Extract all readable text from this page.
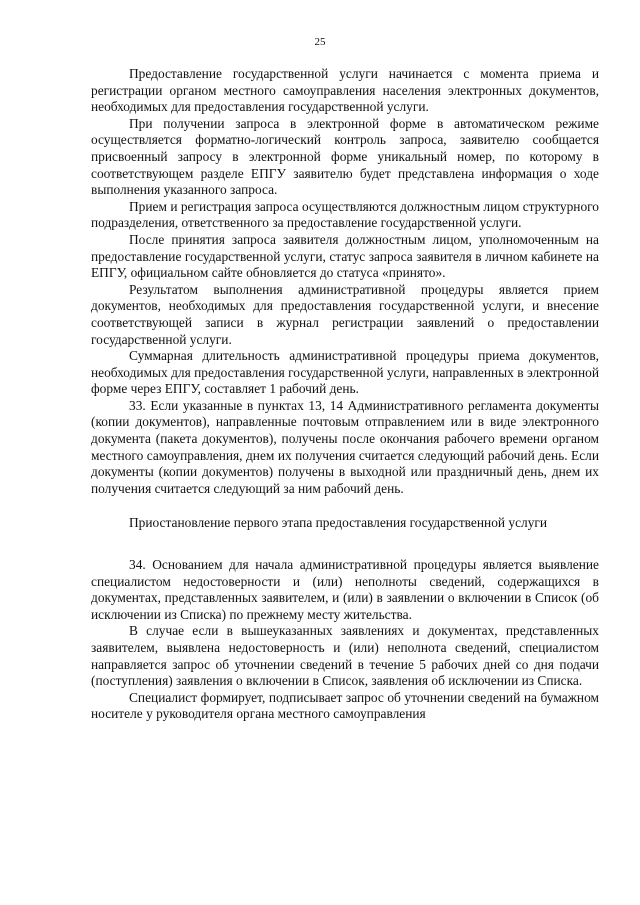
25

Предоставление государственной услуги начинается с момента приема и регистрации органом местного самоуправления населения электронных документов, необходимых для предоставления государственной услуги.

При получении запроса в электронной форме в автоматическом режиме осуществляется форматно-логический контроль запроса, заявителю сообщается присвоенный запросу в электронной форме уникальный номер, по которому в соответствующем разделе ЕПГУ заявителю будет представлена информация о ходе выполнения указанного запроса.

Прием и регистрация запроса осуществляются должностным лицом структурного подразделения, ответственного за предоставление государственной услуги.

После принятия запроса заявителя должностным лицом, уполномоченным на предоставление государственной услуги, статус запроса заявителя в личном кабинете на ЕПГУ, официальном сайте обновляется до статуса «принято».

Результатом выполнения административной процедуры является прием документов, необходимых для предоставления государственной услуги, и внесение соответствующей записи в журнал регистрации заявлений о предоставлении государственной услуги.

Суммарная длительность административной процедуры приема документов, необходимых для предоставления государственной услуги, направленных в электронной форме через ЕПГУ, составляет 1 рабочий день.

33. Если указанные в пунктах 13, 14 Административного регламента документы (копии документов), направленные почтовым отправлением или в виде электронного документа (пакета документов), получены после окончания рабочего времени органом местного самоуправления, днем их получения считается следующий рабочий день. Если документы (копии документов) получены в выходной или праздничный день, днем их получения считается следующий за ним рабочий день.

Приостановление первого этапа предоставления государственной услуги

34. Основанием для начала административной процедуры является выявление специалистом недостоверности и (или) неполноты сведений, содержащихся в документах, представленных заявителем, и (или) в заявлении о включении в Список (об исключении из Списка) по прежнему месту жительства.

В случае если в вышеуказанных заявлениях и документах, представленных заявителем, выявлена недостоверность и (или) неполнота сведений, специалистом направляется запрос об уточнении сведений в течение 5 рабочих дней со дня подачи (поступления) заявления о включении в Список, заявления об исключении из Списка.

Специалист формирует, подписывает запрос об уточнении сведений на бумажном носителе у руководителя органа местного самоуправления
